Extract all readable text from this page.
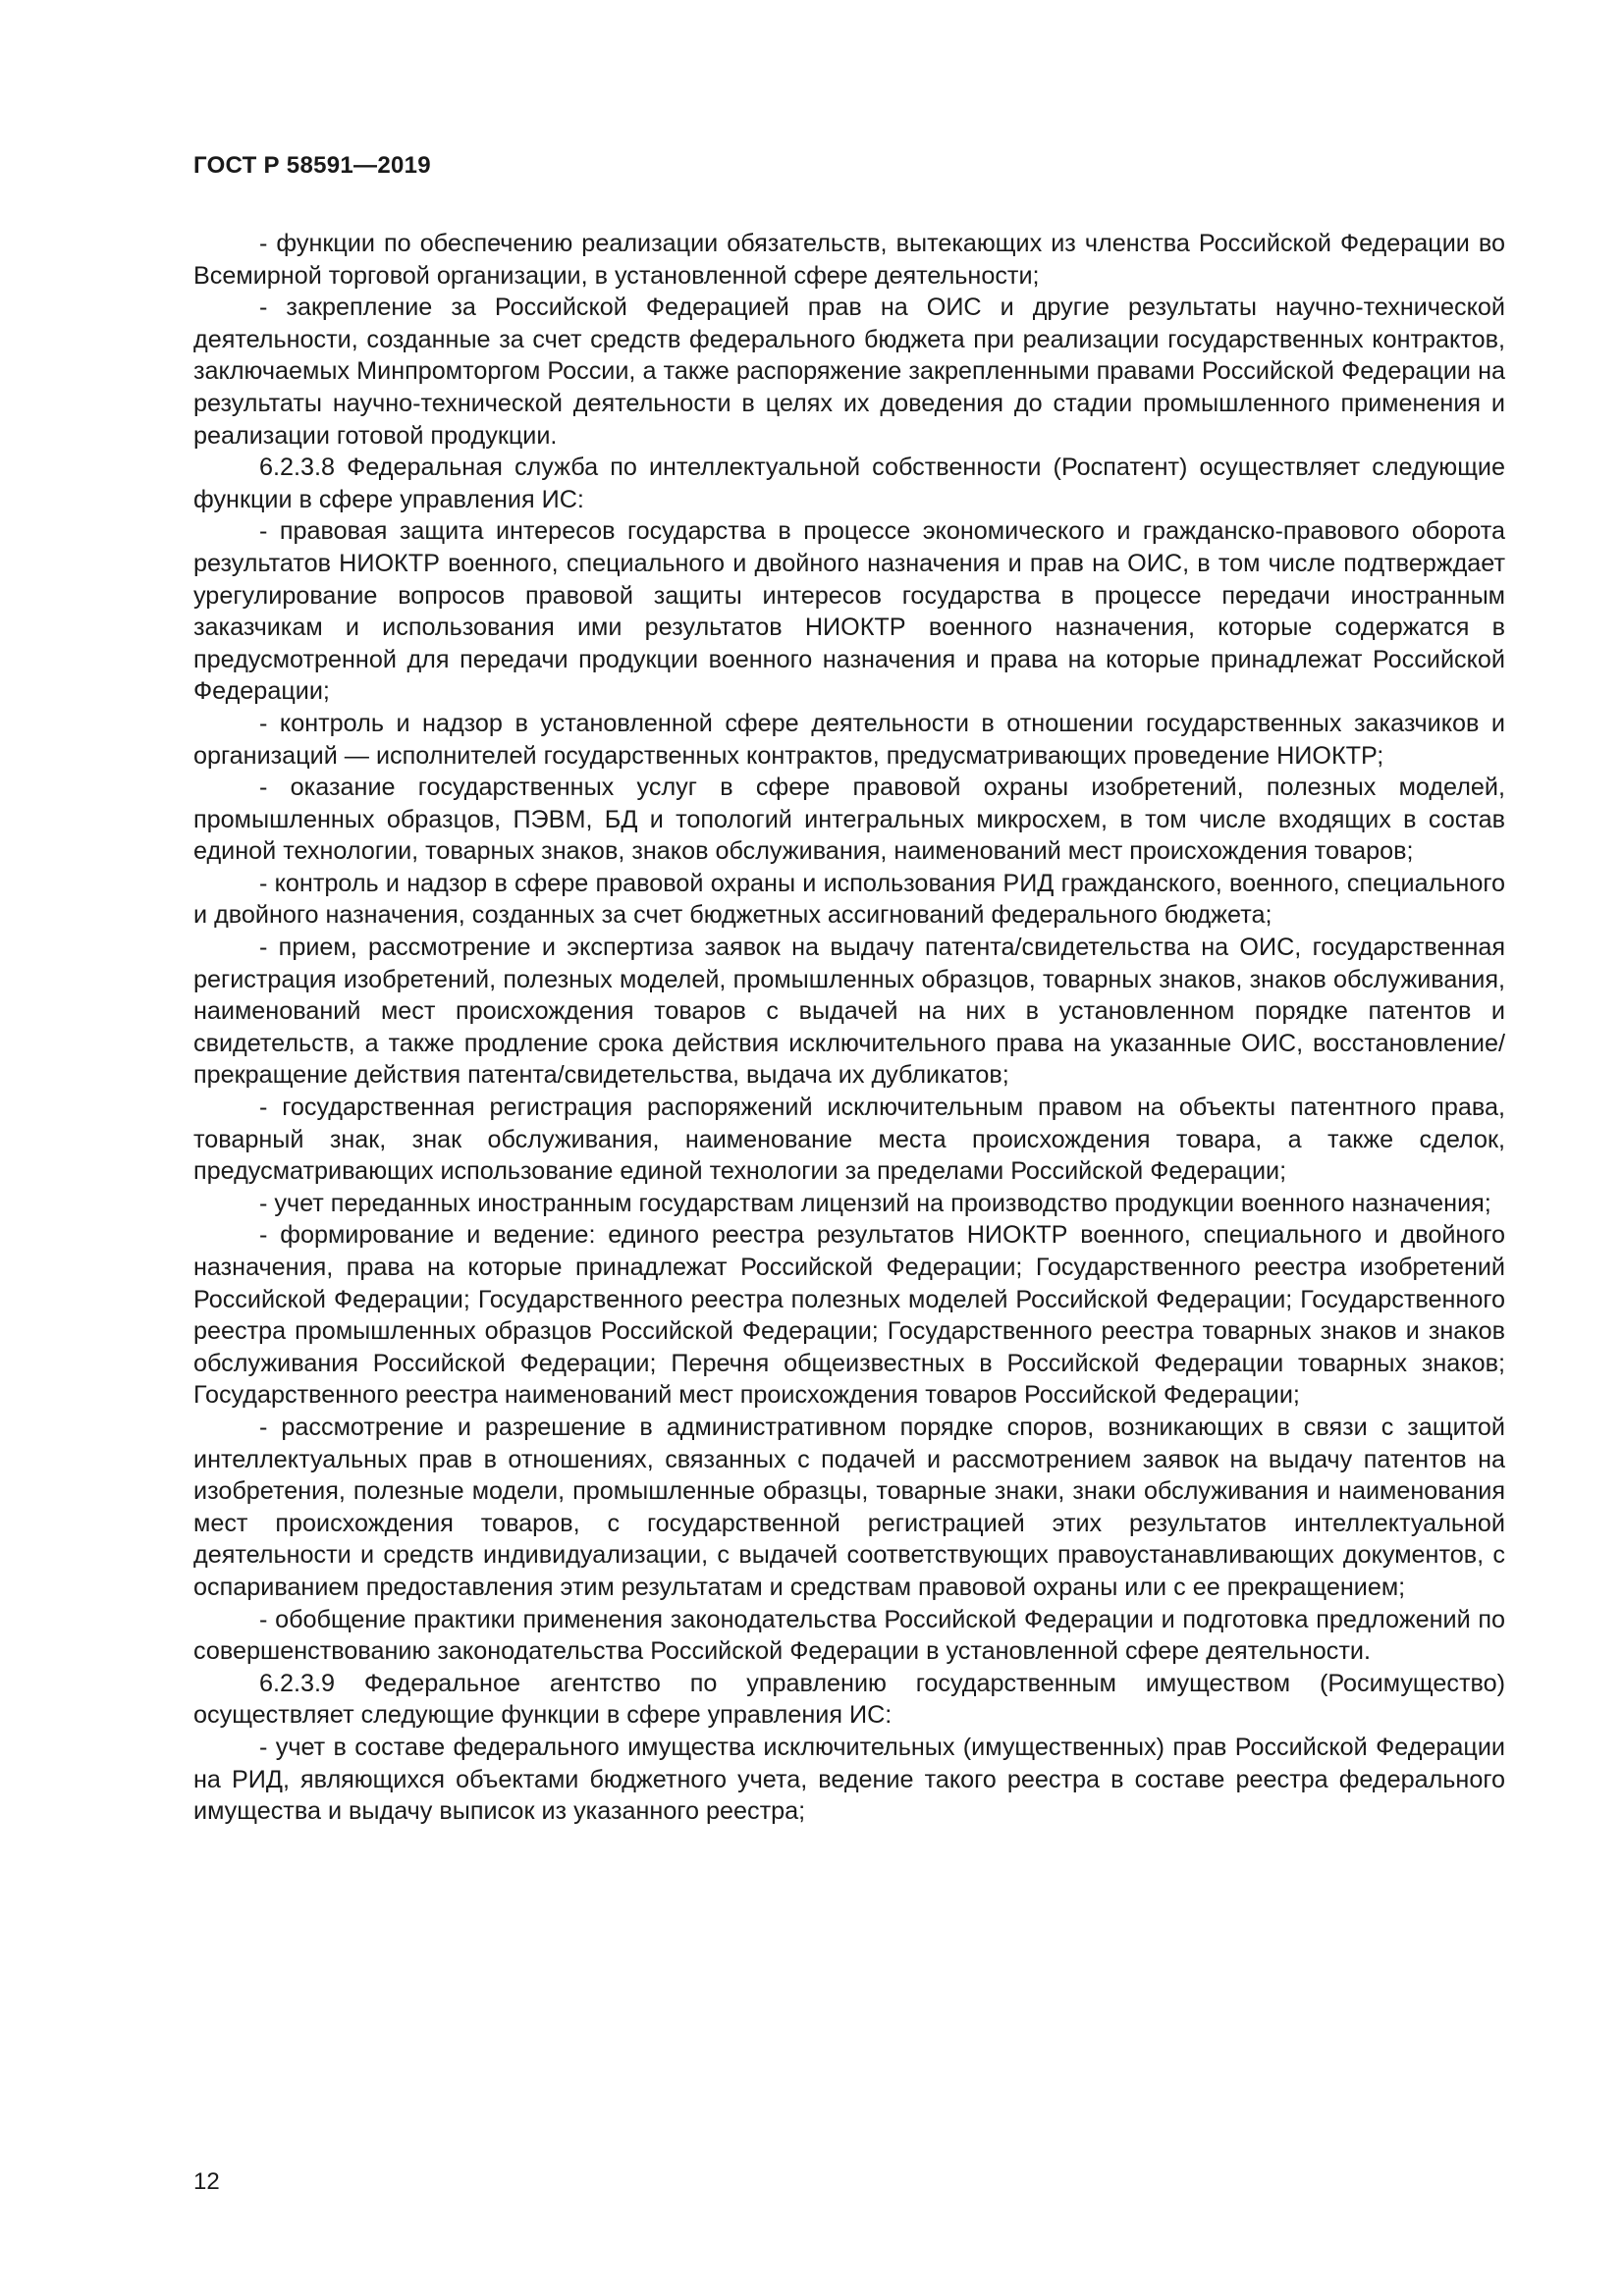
ГОСТ Р 58591—2019

- функции по обеспечению реализации обязательств, вытекающих из членства Российской Федерации во Всемирной торговой организации, в установленной сфере деятельности;

- закрепление за Российской Федерацией прав на ОИС и другие результаты научно-технической деятельности, созданные за счет средств федерального бюджета при реализации государственных контрактов, заключаемых Минпромторгом России, а также распоряжение закрепленными правами Российской Федерации на результаты научно-технической деятельности в целях их доведения до стадии промышленного применения и реализации готовой продукции.

6.2.3.8 Федеральная служба по интеллектуальной собственности (Роспатент) осуществляет следующие функции в сфере управления ИС:

- правовая защита интересов государства в процессе экономического и гражданско-правового оборота результатов НИОКТР военного, специального и двойного назначения и прав на ОИС, в том числе подтверждает урегулирование вопросов правовой защиты интересов государства в процессе передачи иностранным заказчикам и использования ими результатов НИОКТР военного назначения, которые содержатся в предусмотренной для передачи продукции военного назначения и права на которые принадлежат Российской Федерации;

- контроль и надзор в установленной сфере деятельности в отношении государственных заказчиков и организаций — исполнителей государственных контрактов, предусматривающих проведение НИОКТР;

- оказание государственных услуг в сфере правовой охраны изобретений, полезных моделей, промышленных образцов, ПЭВМ, БД и топологий интегральных микросхем, в том числе входящих в состав единой технологии, товарных знаков, знаков обслуживания, наименований мест происхождения товаров;

- контроль и надзор в сфере правовой охраны и использования РИД гражданского, военного, специального и двойного назначения, созданных за счет бюджетных ассигнований федерального бюджета;

- прием, рассмотрение и экспертиза заявок на выдачу патента/свидетельства на ОИС, государственная регистрация изобретений, полезных моделей, промышленных образцов, товарных знаков, знаков обслуживания, наименований мест происхождения товаров с выдачей на них в установленном порядке патентов и свидетельств, а также продление срока действия исключительного права на указанные ОИС, восстановление/прекращение действия патента/свидетельства, выдача их дубликатов;

- государственная регистрация распоряжений исключительным правом на объекты патентного права, товарный знак, знак обслуживания, наименование места происхождения товара, а также сделок, предусматривающих использование единой технологии за пределами Российской Федерации;

- учет переданных иностранным государствам лицензий на производство продукции военного назначения;

- формирование и ведение: единого реестра результатов НИОКТР военного, специального и двойного назначения, права на которые принадлежат Российской Федерации; Государственного реестра изобретений Российской Федерации; Государственного реестра полезных моделей Российской Федерации; Государственного реестра промышленных образцов Российской Федерации; Государственного реестра товарных знаков и знаков обслуживания Российской Федерации; Перечня общеизвестных в Российской Федерации товарных знаков; Государственного реестра наименований мест происхождения товаров Российской Федерации;

- рассмотрение и разрешение в административном порядке споров, возникающих в связи с защитой интеллектуальных прав в отношениях, связанных с подачей и рассмотрением заявок на выдачу патентов на изобретения, полезные модели, промышленные образцы, товарные знаки, знаки обслуживания и наименования мест происхождения товаров, с государственной регистрацией этих результатов интеллектуальной деятельности и средств индивидуализации, с выдачей соответствующих правоустанавливающих документов, с оспариванием предоставления этим результатам и средствам правовой охраны или с ее прекращением;

- обобщение практики применения законодательства Российской Федерации и подготовка предложений по совершенствованию законодательства Российской Федерации в установленной сфере деятельности.

6.2.3.9 Федеральное агентство по управлению государственным имуществом (Росимущество) осуществляет следующие функции в сфере управления ИС:

- учет в составе федерального имущества исключительных (имущественных) прав Российской Федерации на РИД, являющихся объектами бюджетного учета, ведение такого реестра в составе реестра федерального имущества и выдачу выписок из указанного реестра;

12
